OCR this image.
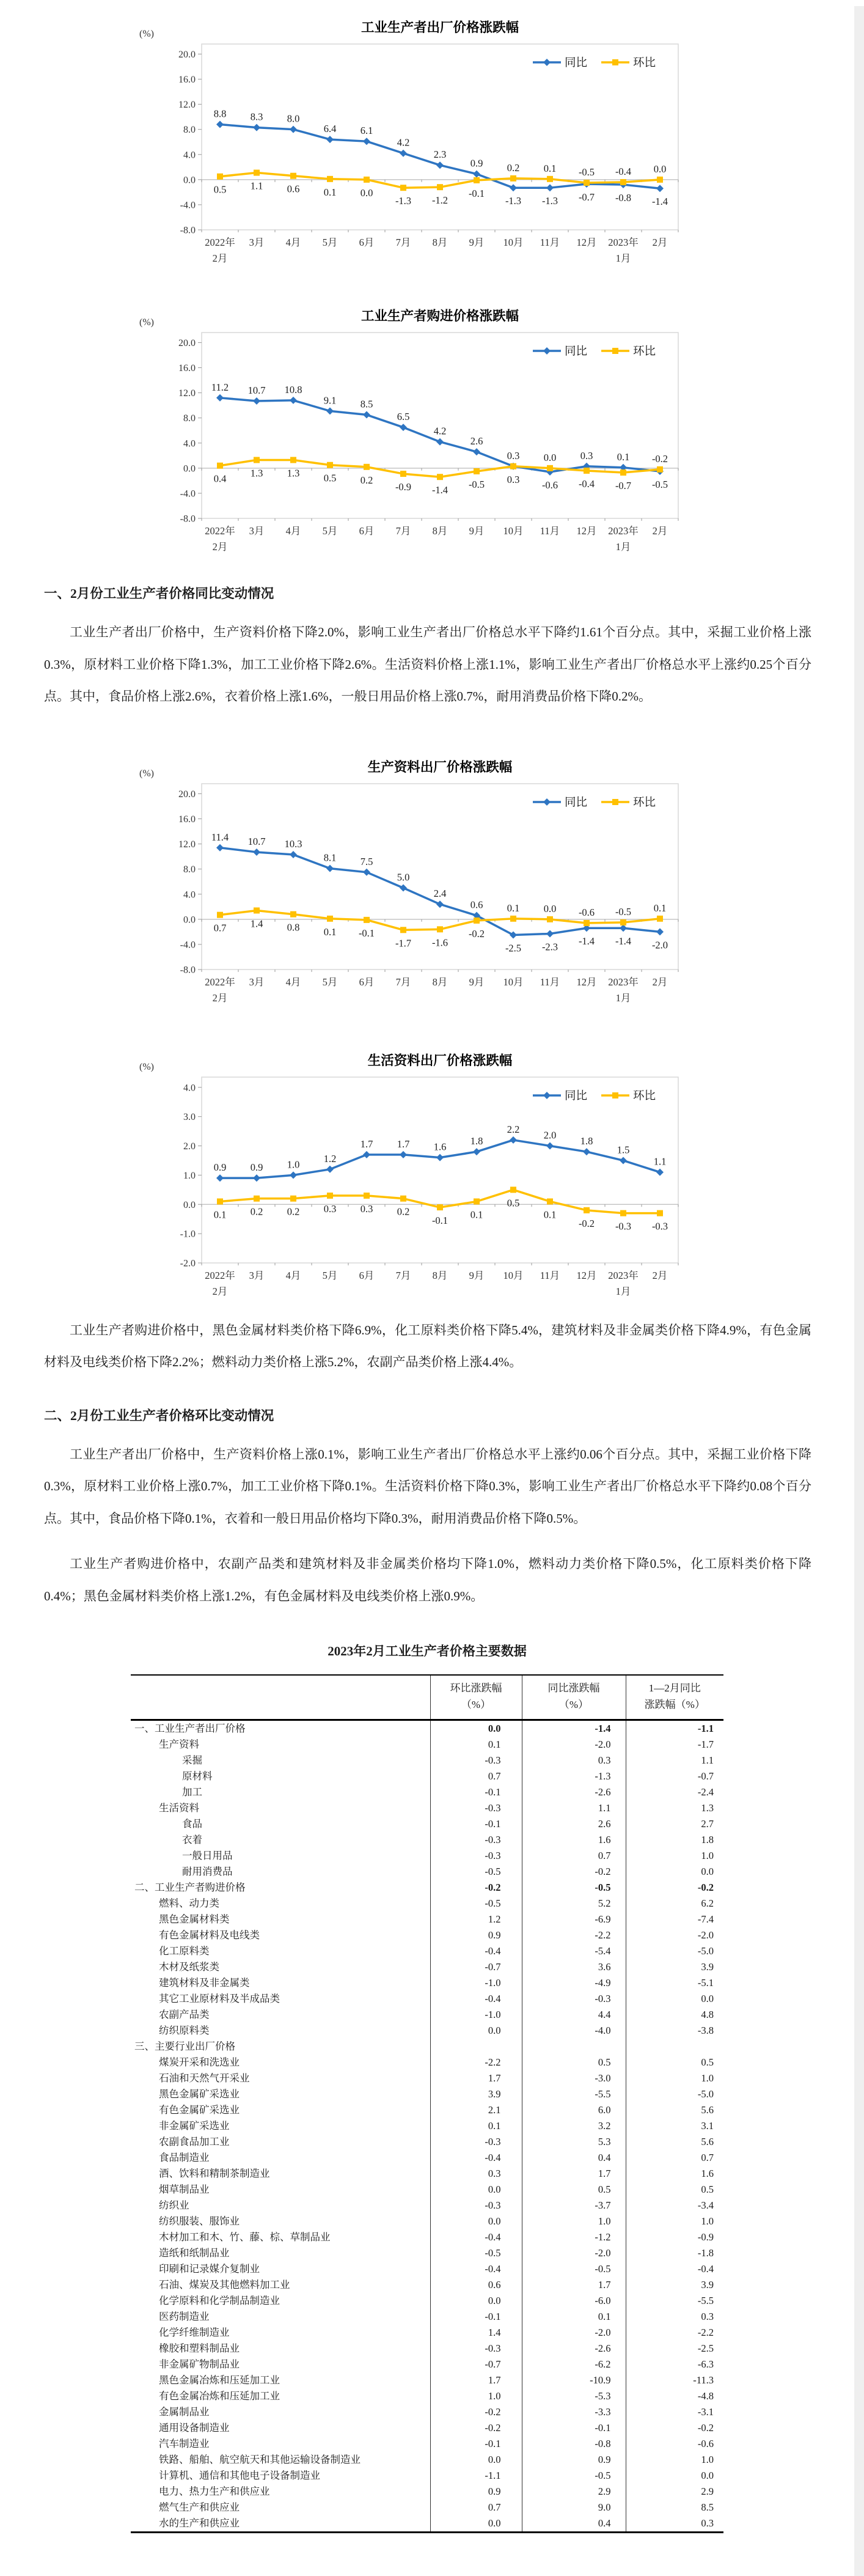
20.0
16.0
12.0
8.0
4.0
0.0
-4.0
-8.0
(%)	工业生产者出厂价格涨跌幅
8.8 8.3 8.0
6.4 6.1
4.2
2.3
0.9
-1.3 -1.3 -0.7 -0.8 -1.4
0.5 1.1 0.6 0.1 0.0
-1.3 -1.2
-0.1
0.2 0.1 -0.5 -0.4 0.0
同比	环比
2022年
2月
3月 4月 5月 6月 7月 8月 9月 10月 11月 12月 2023年
1月
2月
20.0
16.0
12.0
8.0
4.0
0.0
-4.0
-8.0
(%)	工业生产者购进价格涨跌幅
11.2 10.7 10.8
9.1 8.5
6.5
4.2
2.6
0.3
-0.6
0.3 0.1
-0.5
0.4 1.3 1.3 0.5 0.2
-0.9 -1.4 -0.5 0.3
0.0
-0.4 -0.7
-0.2
同比	环比
2022年
2月
3月 4月 5月 6月 7月 8月 9月 10月 11月 12月 2023年
1月
2月
一、2月份工业生产者价格同比变动情况

工业生产者出厂价格中，生产资料价格下降2.0%，影响工业生产者出厂价格总水平下降约1.61个百分点。其中，采掘工业价格上涨0.3%，原材料工业价格下降1.3%，加工工业价格下降2.6%。生活资料价格上涨1.1%，影响工业生产者出厂价格总水平上涨约0.25个百分点。其中，食品价格上涨2.6%，衣着价格上涨1.6%，一般日用品价格上涨0.7%，耐用消费品价格下降0.2%。

20.0
16.0
12.0
8.0
4.0
0.0
-4.0
-8.0
(%)	生产资料出厂价格涨跌幅
11.4 10.7 10.3
8.1 7.5
5.0
2.4
0.6
-2.5 -2.3 -1.4 -1.4 -2.0
0.7 1.4 0.8 0.1 -0.1
-1.7 -1.6
-0.2
0.1 0.0 -0.6 -0.5 0.1
同比	环比
2022年
2月
3月 4月 5月 6月 7月 8月 9月 10月 11月 12月 2023年
1月
2月
4.0
3.0
2.0
1.0
0.0
-1.0
-2.0
(%)	生活资料出厂价格涨跌幅
0.9 0.9 1.0
1.2
1.7 1.7 1.6
1.8
2.2
2.0
1.8
1.5
1.1
0.1 0.2 0.2 0.3 0.3 0.2
-0.1
0.1
0.5
0.1
-0.2 -0.3 -0.3
同比	环比
2022年
2月
3月 4月 5月 6月 7月 8月 9月 10月 11月 12月 2023年
1月
2月

工业生产者购进价格中，黑色金属材料类价格下降6.9%，化工原料类价格下降5.4%，建筑材料及非金属类价格下降4.9%，有色金属材料及电线类价格下降2.2%；燃料动力类价格上涨5.2%，农副产品类价格上涨4.4%。

二、2月份工业生产者价格环比变动情况

工业生产者出厂价格中，生产资料价格上涨0.1%，影响工业生产者出厂价格总水平上涨约0.06个百分点。其中，采掘工业价格下降0.3%，原材料工业价格上涨0.7%，加工工业价格下降0.1%。生活资料价格下降0.3%，影响工业生产者出厂价格总水平下降约0.08个百分点。其中，食品价格下降0.1%，衣着和一般日用品价格均下降0.3%，耐用消费品价格下降0.5%。

工业生产者购进价格中，农副产品类和建筑材料及非金属类价格均下降1.0%，燃料动力类价格下降0.5%，化工原料类价格下降0.4%；黑色金属材料类价格上涨1.2%，有色金属材料及电线类价格上涨0.9%。

2023年2月工业生产者价格主要数据
	环比涨跌幅
（%）	同比涨跌幅
（%）	1—2月同比
涨跌幅（%）
一、工业生产者出厂价格	0.0	-1.4	-1.1
生产资料	0.1	-2.0	-1.7
采掘	-0.3	0.3	1.1
原材料	0.7	-1.3	-0.7
加工	-0.1	-2.6	-2.4
生活资料	-0.3	1.1	1.3
食品	-0.1	2.6	2.7
衣着	-0.3	1.6	1.8
一般日用品	-0.3	0.7	1.0
耐用消费品	-0.5	-0.2	0.0
二、工业生产者购进价格	-0.2	-0.5	-0.2
燃料、动力类	-0.5	5.2	6.2
黑色金属材料类	1.2	-6.9	-7.4
有色金属材料及电线类	0.9	-2.2	-2.0
化工原料类	-0.4	-5.4	-5.0
木材及纸浆类	-0.7	3.6	3.9
建筑材料及非金属类	-1.0	-4.9	-5.1
其它工业原材料及半成品类	-0.4	-0.3	0.0
农副产品类	-1.0	4.4	4.8
纺织原料类	0.0	-4.0	-3.8
三、主要行业出厂价格			
煤炭开采和洗选业	-2.2	0.5	0.5
石油和天然气开采业	1.7	-3.0	1.0
黑色金属矿采选业	3.9	-5.5	-5.0
有色金属矿采选业	2.1	6.0	5.6
非金属矿采选业	0.1	3.2	3.1
农副食品加工业	-0.3	5.3	5.6
食品制造业	-0.4	0.4	0.7
酒、饮料和精制茶制造业	0.3	1.7	1.6
烟草制品业	0.0	0.5	0.5
纺织业	-0.3	-3.7	-3.4
纺织服装、服饰业	0.0	1.0	1.0
木材加工和木、竹、藤、棕、草制品业	-0.4	-1.2	-0.9
造纸和纸制品业	-0.5	-2.0	-1.8
印刷和记录媒介复制业	-0.4	-0.5	-0.4
石油、煤炭及其他燃料加工业	0.6	1.7	3.9
化学原料和化学制品制造业	0.0	-6.0	-5.5
医药制造业	-0.1	0.1	0.3
化学纤维制造业	1.4	-2.0	-2.2
橡胶和塑料制品业	-0.3	-2.6	-2.5
非金属矿物制品业	-0.7	-6.2	-6.3
黑色金属冶炼和压延加工业	1.7	-10.9	-11.3
有色金属冶炼和压延加工业	1.0	-5.3	-4.8
金属制品业	-0.2	-3.3	-3.1
通用设备制造业	-0.2	-0.1	-0.2
汽车制造业	-0.1	-0.8	-0.6
铁路、船舶、航空航天和其他运输设备制造业	0.0	0.9	1.0
计算机、通信和其他电子设备制造业	-1.1	-0.5	0.0
电力、热力生产和供应业	0.9	2.9	2.9
燃气生产和供应业	0.7	9.0	8.5
水的生产和供应业	0.0	0.4	0.3
